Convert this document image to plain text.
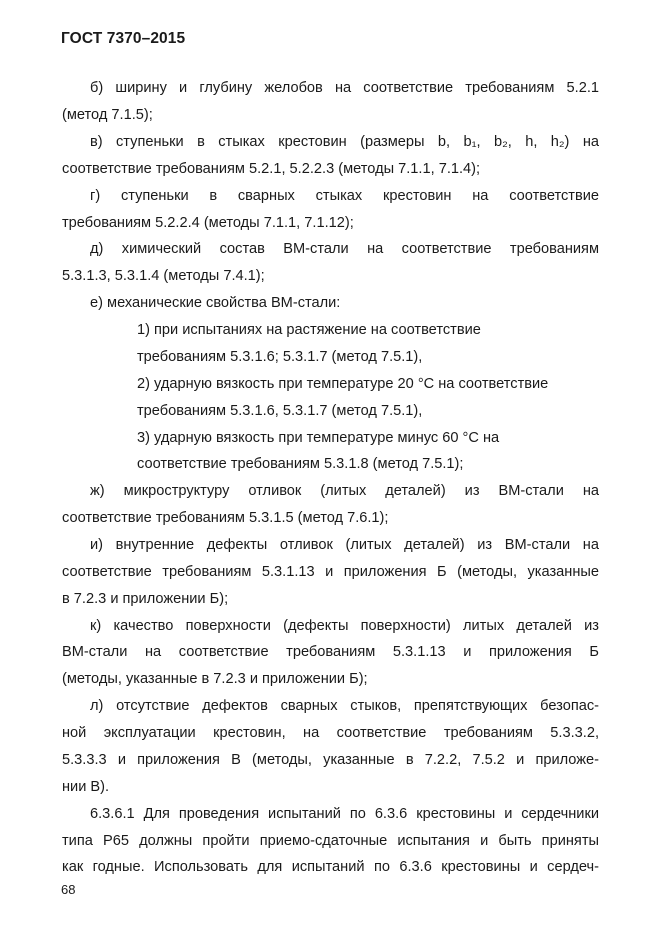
ГОСТ 7370–2015
б) ширину и глубину желобов на соответствие требованиям 5.2.1
(метод 7.1.5);
в) ступеньки в стыках крестовин (размеры b, b₁, b₂, h, h₂) на
соответствие требованиям 5.2.1, 5.2.2.3 (методы 7.1.1, 7.1.4);
г) ступеньки в сварных стыках крестовин на соответствие
требованиям 5.2.2.4 (методы 7.1.1, 7.1.12);
д) химический состав ВМ-стали на соответствие требованиям
5.3.1.3, 5.3.1.4 (методы 7.4.1);
е) механические свойства ВМ-стали:
1) при испытаниях на растяжение на соответствие
требованиям 5.3.1.6; 5.3.1.7 (метод 7.5.1),
2) ударную вязкость при температуре 20 °С на соответствие
требованиям 5.3.1.6, 5.3.1.7 (метод 7.5.1),
3) ударную вязкость при температуре минус 60 °С на
соответствие требованиям 5.3.1.8 (метод 7.5.1);
ж) микроструктуру отливок (литых деталей) из ВМ-стали на
соответствие требованиям 5.3.1.5 (метод 7.6.1);
и) внутренние дефекты отливок (литых деталей) из ВМ-стали на
соответствие требованиям 5.3.1.13 и приложения Б (методы, указанные
в 7.2.3 и приложении Б);
к) качество поверхности (дефекты поверхности) литых деталей из
ВМ-стали на соответствие требованиям 5.3.1.13 и приложения Б
(методы, указанные в 7.2.3 и приложении Б);
л) отсутствие дефектов сварных стыков, препятствующих безопас-
ной эксплуатации крестовин, на соответствие требованиям 5.3.3.2,
5.3.3.3 и приложения В (методы, указанные в 7.2.2, 7.5.2 и приложе-
нии В).
6.3.6.1 Для проведения испытаний по 6.3.6 крестовины и сердечники
типа Р65 должны пройти приемо-сдаточные испытания и быть приняты
как годные. Использовать для испытаний по 6.3.6 крестовины и сердеч-
68
